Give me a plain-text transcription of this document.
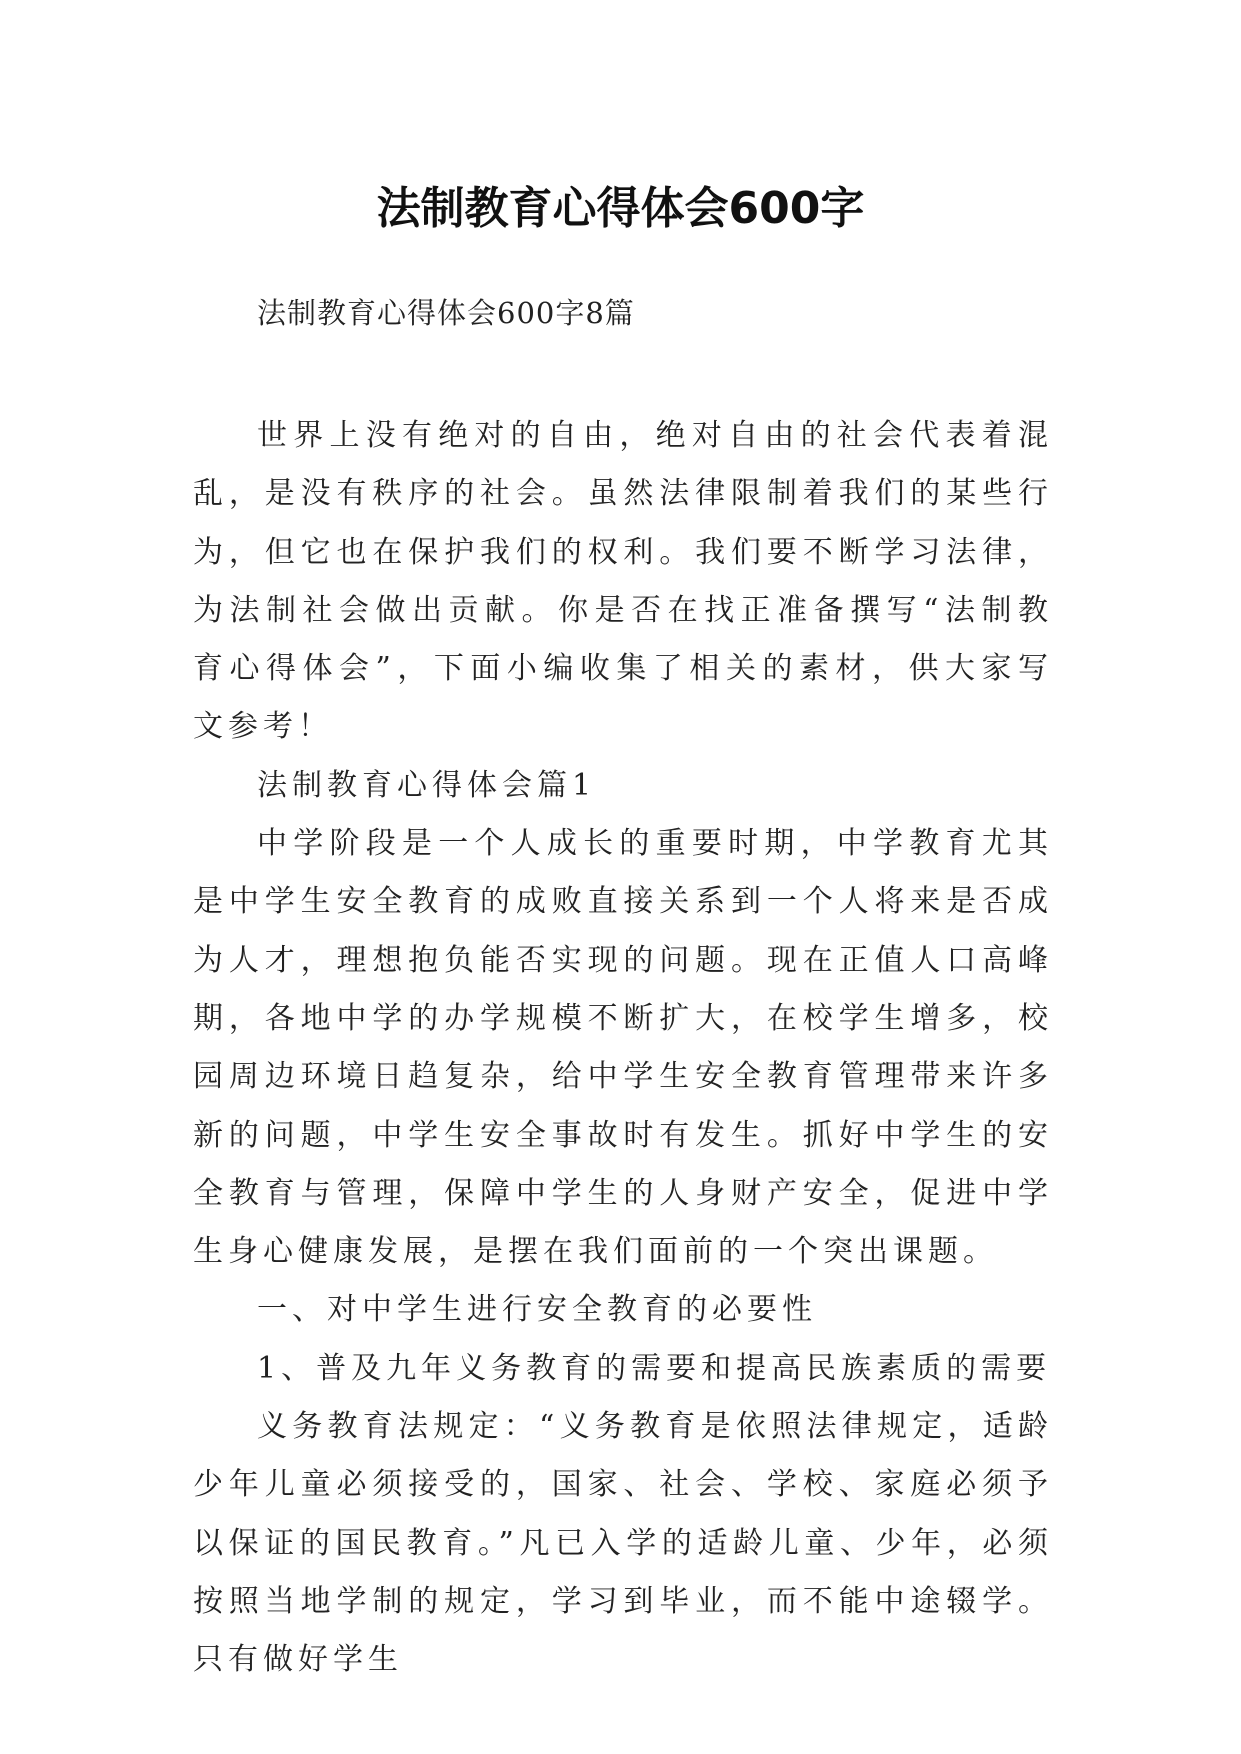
法制教育心得体会600字
法制教育心得体会600字8篇

世界上没有绝对的自由，绝对自由的社会代表着混乱，是没有秩序的社会。虽然法律限制着我们的某些行为，但它也在保护我们的权利。我们要不断学习法律，为法制社会做出贡献。你是否在找正准备撰写“法制教育心得体会”，下面小编收集了相关的素材，供大家写文参考！

法制教育心得体会篇1

中学阶段是一个人成长的重要时期，中学教育尤其是中学生安全教育的成败直接关系到一个人将来是否成为人才，理想抱负能否实现的问题。现在正值人口高峰期，各地中学的办学规模不断扩大，在校学生增多，校园周边环境日趋复杂，给中学生安全教育管理带来许多新的问题，中学生安全事故时有发生。抓好中学生的安全教育与管理，保障中学生的人身财产安全，促进中学生身心健康发展，是摆在我们面前的一个突出课题。

一、对中学生进行安全教育的必要性

1、普及九年义务教育的需要和提高民族素质的需要

义务教育法规定：“义务教育是依照法律规定，适龄少年儿童必须接受的，国家、社会、学校、家庭必须予以保证的国民教育。”凡已入学的适龄儿童、少年，必须按照当地学制的规定，学习到毕业，而不能中途辍学。只有做好学生
